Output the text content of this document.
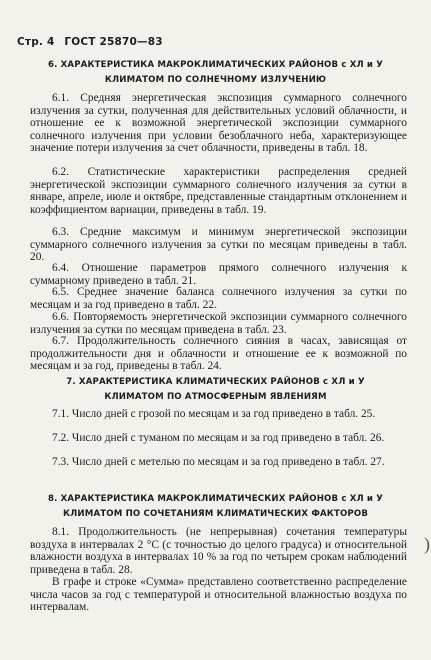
Стр. 4 ГОСТ 25870—83
6. ХАРАКТЕРИСТИКА МАКРОКЛИМАТИЧЕСКИХ РАЙОНОВ с ХЛ и У
КЛИМАТОМ ПО СОЛНЕЧНОМУ ИЗЛУЧЕНИЮ
6.1. Средняя энергетическая экспозиция суммарного солнечного излучения за сутки, полученная для действительных условий облачности, и отношение ее к возможной энергетической экспозиции суммарного солнечного излучения при условии безоблачного неба, характеризующее значение потери излучения за счет облачности, приведены в табл. 18.
6.2. Статистические характеристики распределения средней энергетической экспозиции суммарного солнечного излучения за сутки в январе, апреле, июле и октябре, представленные стандартным отклонением и коэффициентом вариации, приведены в табл. 19.
6.3. Средние максимум и минимум энергетической экспозиции суммарного солнечного излучения за сутки по месяцам приведены в табл. 20.
6.4. Отношение параметров прямого солнечного излучения к суммарному приведено в табл. 21.
6.5. Среднее значение баланса солнечного излучения за сутки по месяцам и за год приведено в табл. 22.
6.6. Повторяемость энергетической экспозиции суммарного солнечного излучения за сутки по месяцам приведена в табл. 23.
6.7. Продолжительность солнечного сияния в часах, зависящая от продолжительности дня и облачности и отношение ее к возможной по месяцам и за год, приведены в табл. 24.
7. ХАРАКТЕРИСТИКА КЛИМАТИЧЕСКИХ РАЙОНОВ с ХЛ и У
КЛИМАТОМ ПО АТМОСФЕРНЫМ ЯВЛЕНИЯМ
7.1. Число дней с грозой по месяцам и за год приведено в табл. 25.
7.2. Число дней с туманом по месяцам и за год приведено в табл. 26.
7.3. Число дней с метелью по месяцам и за год приведено в табл. 27.
8. ХАРАКТЕРИСТИКА МАКРОКЛИМАТИЧЕСКИХ РАЙОНОВ с ХЛ и У
КЛИМАТОМ ПО СОЧЕТАНИЯМ КЛИМАТИЧЕСКИХ ФАКТОРОВ
8.1. Продолжительность (не непрерывная) сочетания температуры воздуха в интервалах 2 °С (с точностью до целого градуса) и относительной влажности воздуха в интервалах 10 % за год по четырем срокам наблюдений приведена в табл. 28.
В графе и строке «Сумма» представлено соответственно распределение числа часов за год с температурой и относительной влажностью воздуха по интервалам.
)
